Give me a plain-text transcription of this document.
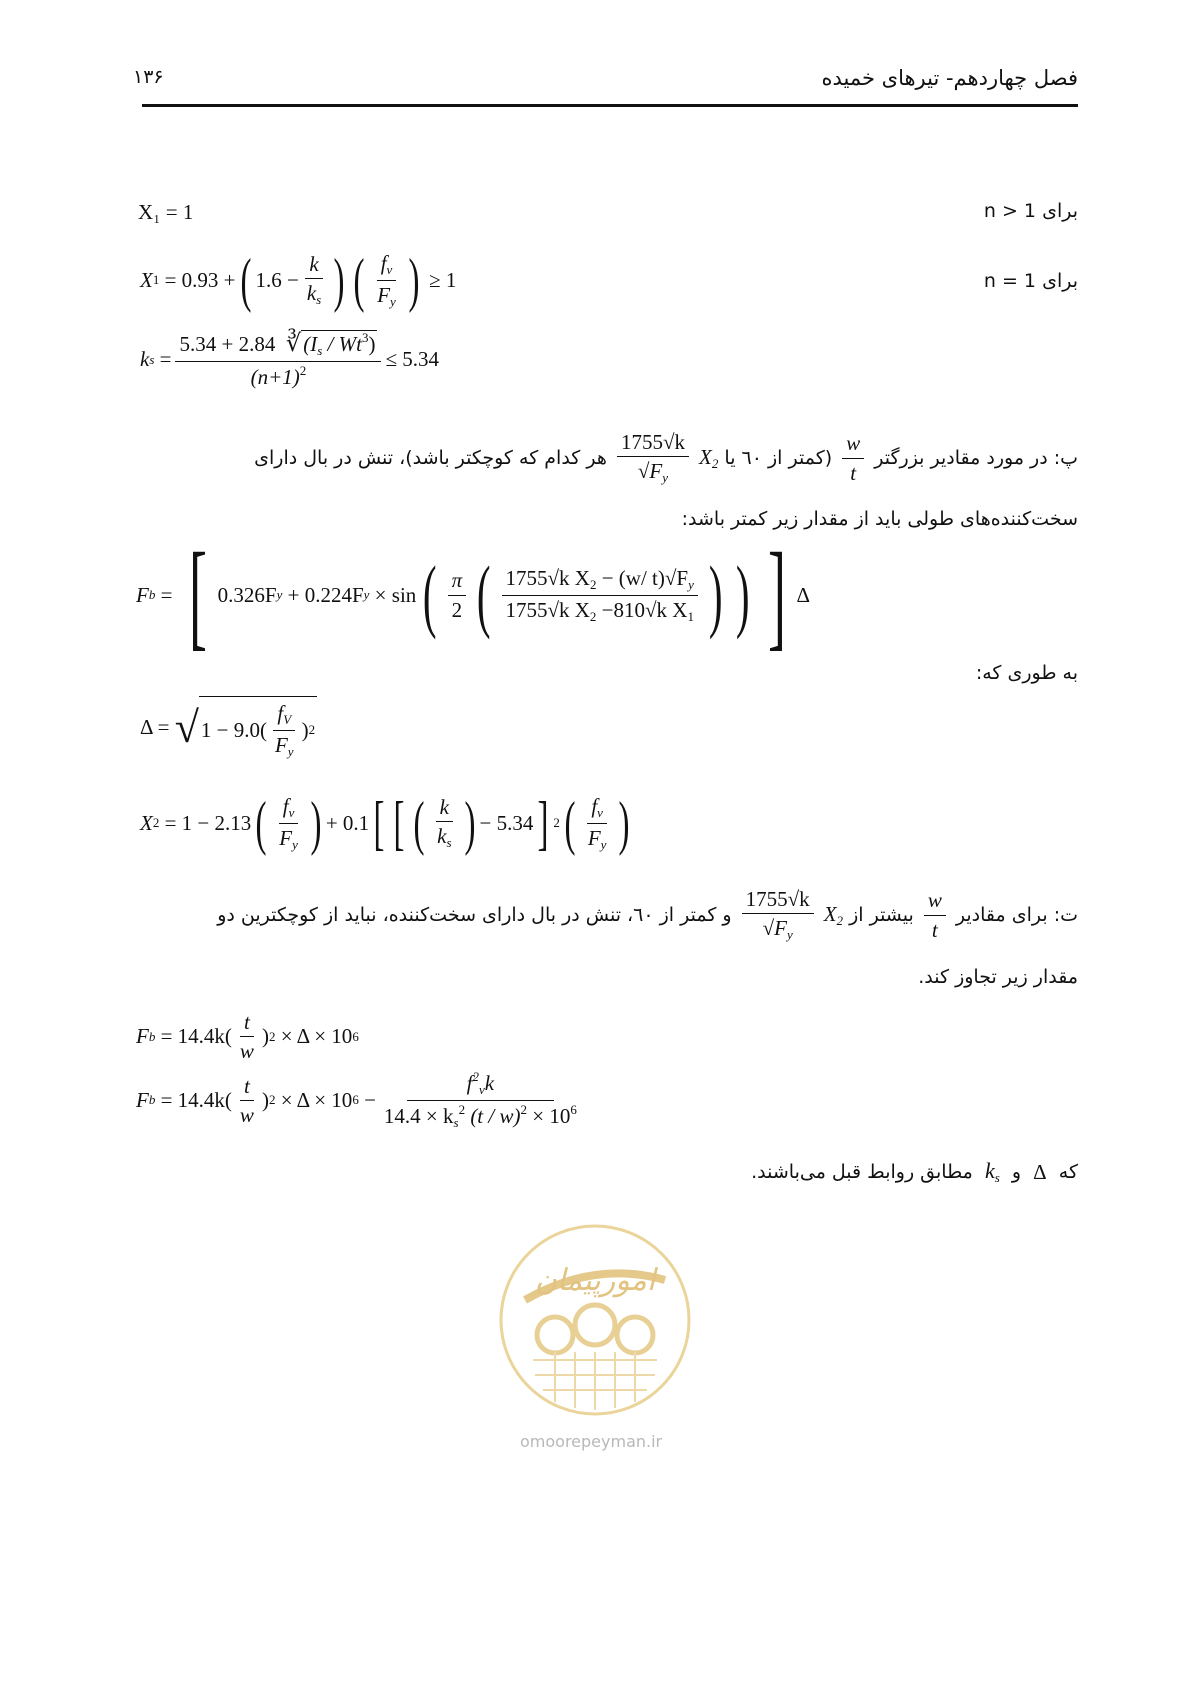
۱۳۶	فصل چهاردهم- تیرهای خمیده
X₁ = 1	برای n > 1
X 1
= 0.93 + ( $1.6 - \frac{k}{k_s}$ ) ( $\frac{f_v}{F_y}$ )
≥ 1	برای n = 1
k $s = \frac{5.34 + 2.84 ∛(I_s / Wt^3)}{(n+1)^2} \le 5.34$
پ: در مورد مقادیر بزرگتر

$\frac{w}{t}$

(کمتر از ٦٠ یا

$X_2$

$\frac{1755√k}{√F_y}$

هر کدام که کوچکتر باشد)، تنش در بال دارای
سخت‌کننده‌های طولی باید از مقدار زیر کمتر باشد:
F b = [ 0.326F y
+ 0.224F y
× sin ( $\frac{\pi}{2}$ ( $\frac{1755√k X_2 - (w/ t)√F_y}{1755√k X_2 -810√k X_1}$ ) ) ] Δ
به طوری که:
Δ =
√ $1 - 9.0( \frac{f_V}{F_y}$ ) 2
X 2
= 1 − 2.13 ( $\frac{f_v}{F_y}$ ) + 0.1 [ [ ( $\frac{k}{k_s}$ ) − 5.34 ] 2 ( $\frac{f_v}{F_y}$ )
ت: برای مقادیر

$\frac{w}{t}$

بیشتر از

$X_2$

$\frac{1755√k}{√F_y}$

و کمتر از ٦٠، تنش در بال دارای سخت‌کننده، نباید از کوچکترین دو
مقدار زیر تجاوز کند.
F b
= $14.4k( \frac{t}{w}$ ) 2
× Δ × 10 6
F b
= $14.4k( \frac{t}{w}$ ) 2
× Δ × 10 6
− $\frac{f^2_vk}{14.4 \times k_s^2 (t / w)^2 \times 10^6}$
که

Δ

و

$k_s$

مطابق روابط قبل می‌باشند.
امورپیمان
omoorepeyman.ir
